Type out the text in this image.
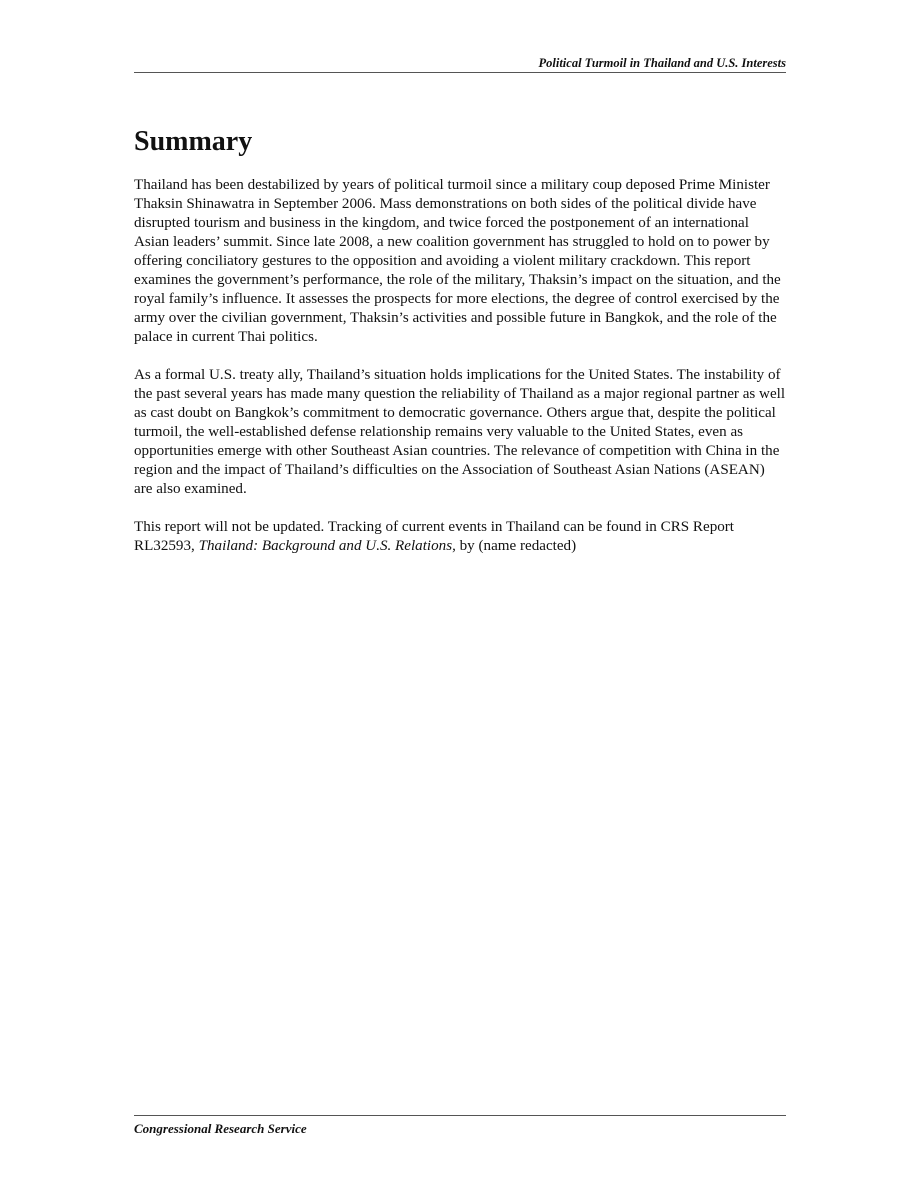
Political Turmoil in Thailand and U.S. Interests
Summary

Thailand has been destabilized by years of political turmoil since a military coup deposed Prime Minister Thaksin Shinawatra in September 2006. Mass demonstrations on both sides of the political divide have disrupted tourism and business in the kingdom, and twice forced the postponement of an international Asian leaders’ summit. Since late 2008, a new coalition government has struggled to hold on to power by offering conciliatory gestures to the opposition and avoiding a violent military crackdown. This report examines the government’s performance, the role of the military, Thaksin’s impact on the situation, and the royal family’s influence. It assesses the prospects for more elections, the degree of control exercised by the army over the civilian government, Thaksin’s activities and possible future in Bangkok, and the role of the palace in current Thai politics.

As a formal U.S. treaty ally, Thailand’s situation holds implications for the United States. The instability of the past several years has made many question the reliability of Thailand as a major regional partner as well as cast doubt on Bangkok’s commitment to democratic governance. Others argue that, despite the political turmoil, the well-established defense relationship remains very valuable to the United States, even as opportunities emerge with other Southeast Asian countries. The relevance of competition with China in the region and the impact of Thailand’s difficulties on the Association of Southeast Asian Nations (ASEAN) are also examined.

This report will not be updated. Tracking of current events in Thailand can be found in CRS Report RL32593, Thailand: Background and U.S. Relations, by (name redacted)

Congressional Research Service
